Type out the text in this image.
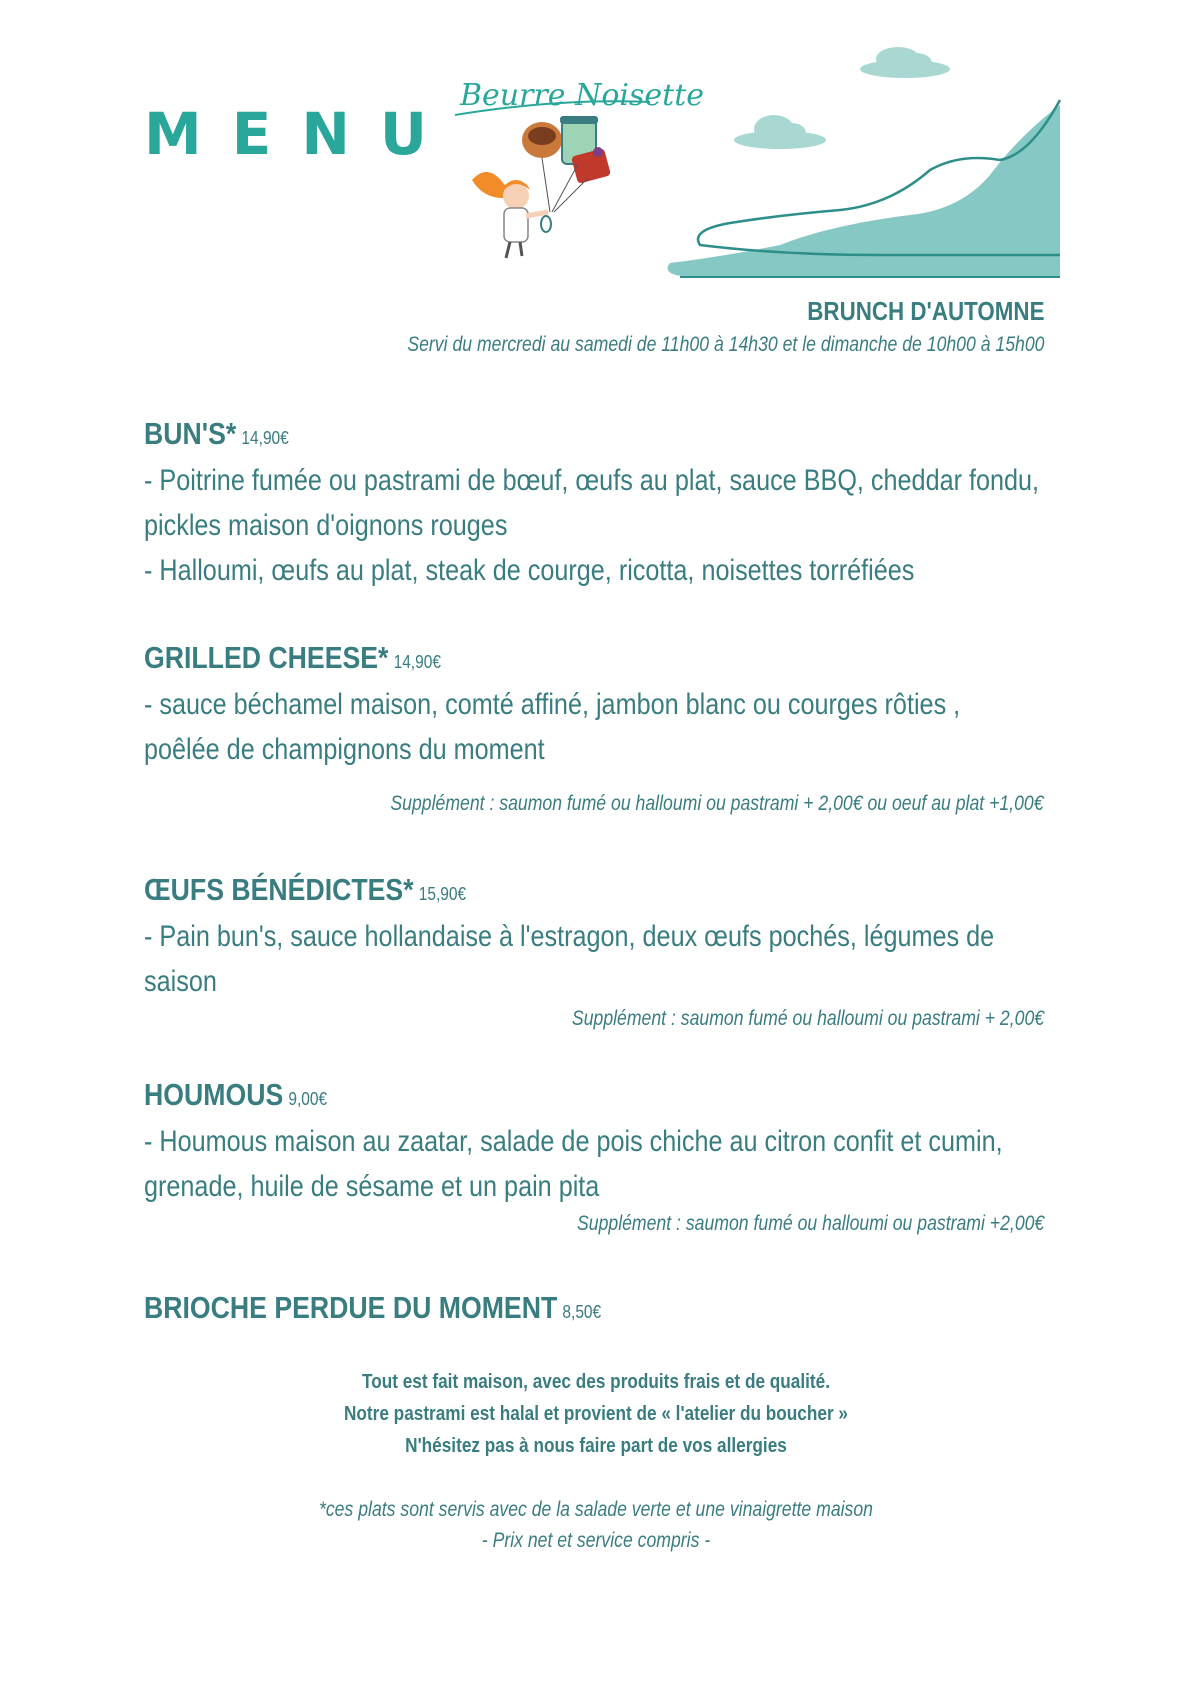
MENU
Beurre Noisette
BRUNCH D'AUTOMNE
Servi du mercredi au samedi de 11h00 à 14h30 et le dimanche de 10h00 à 15h00
BUN'S* 14,90€
- Poitrine fumée ou pastrami de bœuf, œufs au plat, sauce BBQ, cheddar fondu,
pickles maison d'oignons rouges
- Halloumi, œufs au plat, steak de courge, ricotta, noisettes torréfiées
GRILLED CHEESE* 14,90€
- sauce béchamel maison, comté affiné, jambon blanc ou courges rôties ,
poêlée de champignons du moment
Supplément : saumon fumé ou halloumi ou pastrami + 2,00€ ou oeuf au plat +1,00€
ŒUFS BÉNÉDICTES* 15,90€
- Pain bun's, sauce hollandaise à l'estragon, deux œufs pochés, légumes de
saison
Supplément : saumon fumé ou halloumi ou pastrami + 2,00€
HOUMOUS 9,00€
- Houmous maison au zaatar, salade de pois chiche au citron confit et cumin,
grenade, huile de sésame et un pain pita
Supplément : saumon fumé ou halloumi ou pastrami +2,00€
BRIOCHE PERDUE DU MOMENT 8,50€
Tout est fait maison, avec des produits frais et de qualité.
Notre pastrami est halal et provient de « l'atelier du boucher »
N'hésitez pas à nous faire part de vos allergies
*ces plats sont servis avec de la salade verte et une vinaigrette maison
- Prix net et service compris -
